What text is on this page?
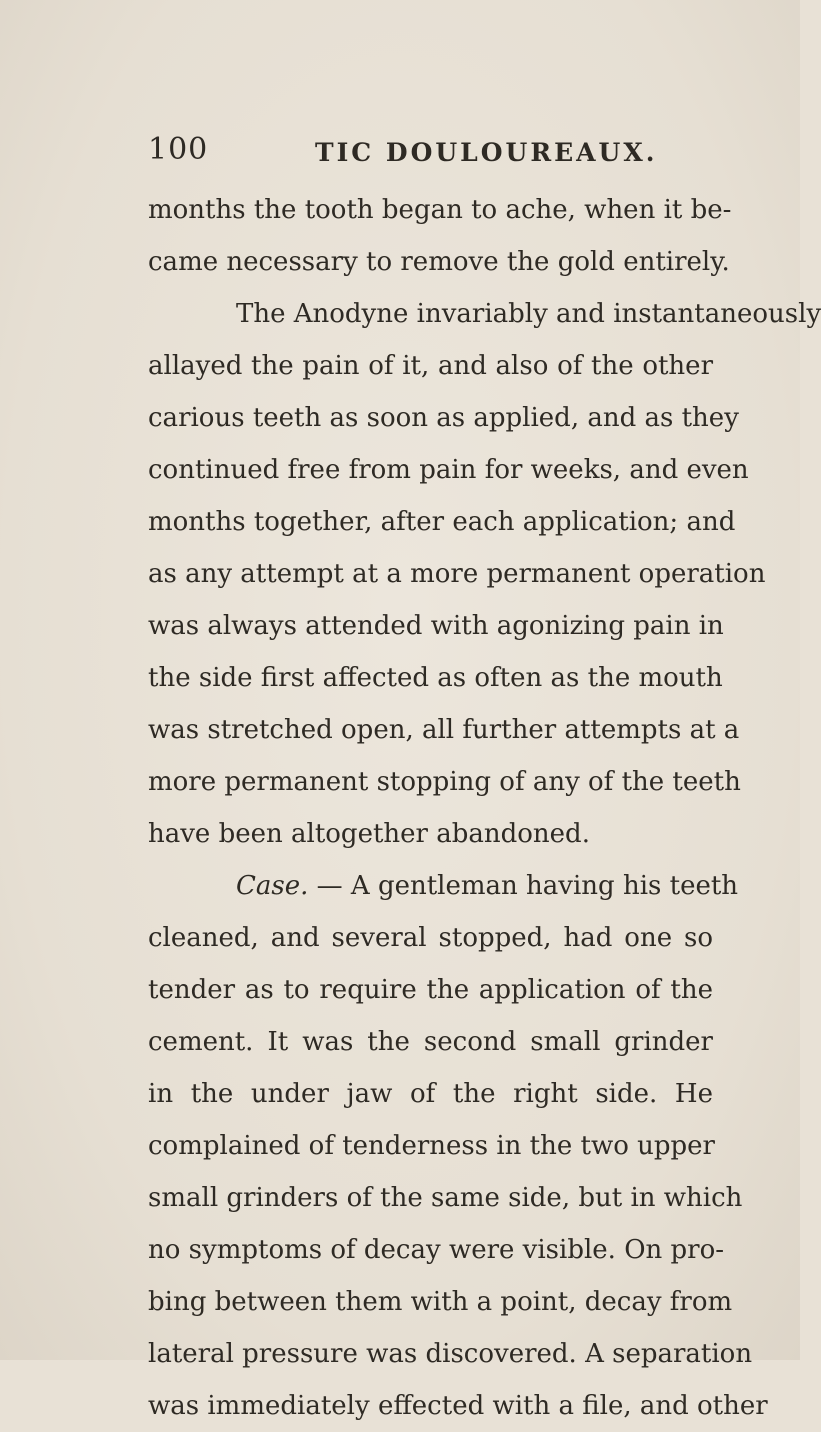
100	TIC DOULOUREAUX.
months the tooth began to ache, when it be-
came necessary to remove the gold entirely.
The Anodyne invariably and instantaneously
allayed the pain of it, and also of the other
carious teeth as soon as applied, and as they
continued free from pain for weeks, and even
months together, after each application; and
as any attempt at a more permanent operation
was always attended with agonizing pain in
the side first affected as often as the mouth
was stretched open, all further attempts at a
more permanent stopping of any of the teeth
have been altogether abandoned.
Case. — A gentleman having his teeth
cleaned, and several stopped, had one so
tender as to require the application of the
cement. It was the second small grinder
in the under jaw of the right side. He
complained of tenderness in the two upper
small grinders of the same side, but in which
no symptoms of decay were visible. On pro-
bing between them with a point, decay from
lateral pressure was discovered. A separation
was immediately effected with a file, and other
